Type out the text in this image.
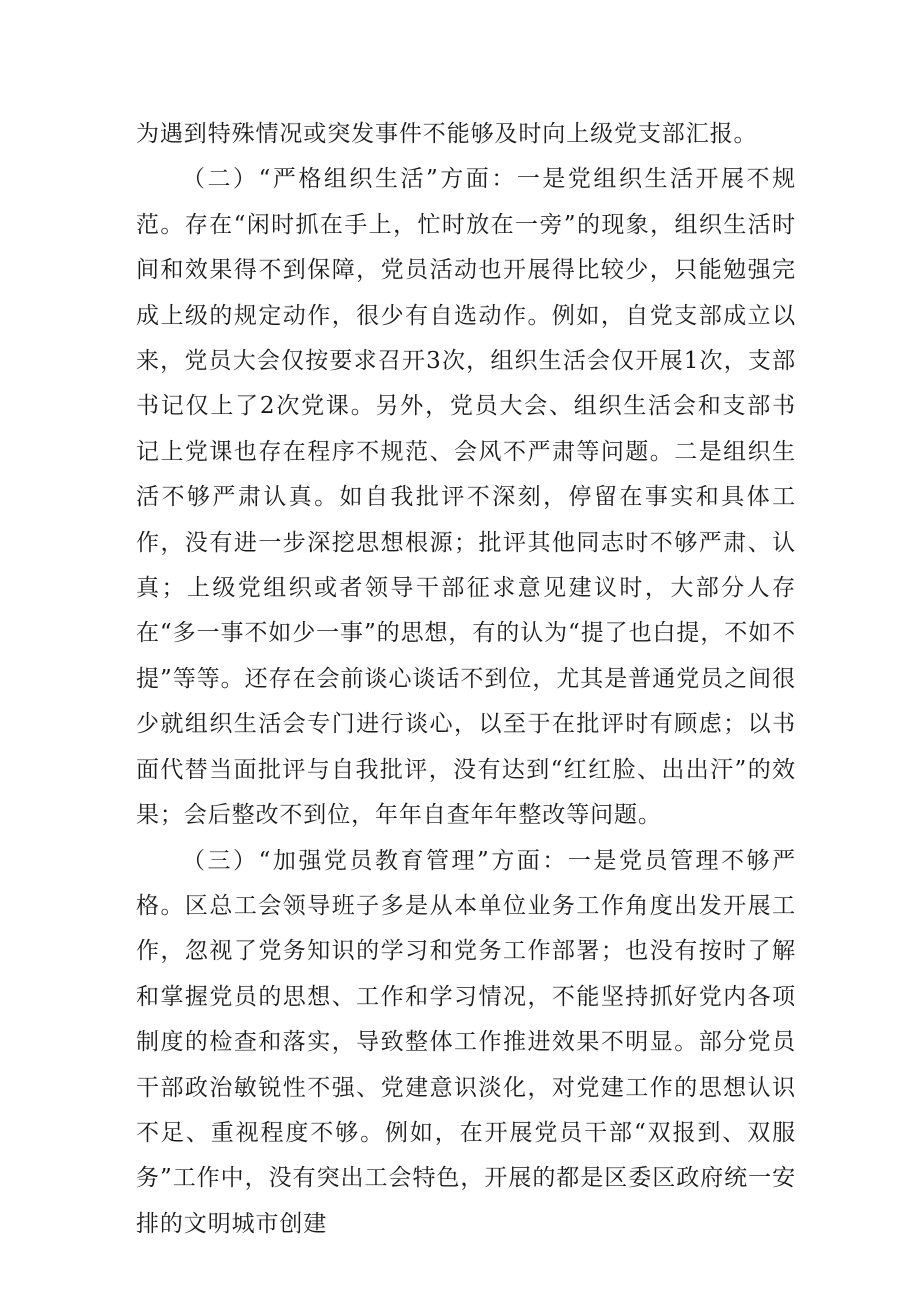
为遇到特殊情况或突发事件不能够及时向上级党支部汇报。

（二）“严格组织生活”方面：一是党组织生活开展不规范。存在“闲时抓在手上，忙时放在一旁”的现象，组织生活时间和效果得不到保障，党员活动也开展得比较少，只能勉强完成上级的规定动作，很少有自选动作。例如，自党支部成立以来，党员大会仅按要求召开3次，组织生活会仅开展1次，支部书记仅上了2次党课。另外，党员大会、组织生活会和支部书记上党课也存在程序不规范、会风不严肃等问题。二是组织生活不够严肃认真。如自我批评不深刻，停留在事实和具体工作，没有进一步深挖思想根源；批评其他同志时不够严肃、认真；上级党组织或者领导干部征求意见建议时，大部分人存在“多一事不如少一事”的思想，有的认为“提了也白提，不如不提”等等。还存在会前谈心谈话不到位，尤其是普通党员之间很少就组织生活会专门进行谈心，以至于在批评时有顾虑；以书面代替当面批评与自我批评，没有达到“红红脸、出出汗”的效果；会后整改不到位，年年自查年年整改等问题。

（三）“加强党员教育管理”方面：一是党员管理不够严格。区总工会领导班子多是从本单位业务工作角度出发开展工作，忽视了党务知识的学习和党务工作部署；也没有按时了解和掌握党员的思想、工作和学习情况，不能坚持抓好党内各项制度的检查和落实，导致整体工作推进效果不明显。部分党员干部政治敏锐性不强、党建意识淡化，对党建工作的思想认识不足、重视程度不够。例如，在开展党员干部“双报到、双服务”工作中，没有突出工会特色，开展的都是区委区政府统一安排的文明城市创建
